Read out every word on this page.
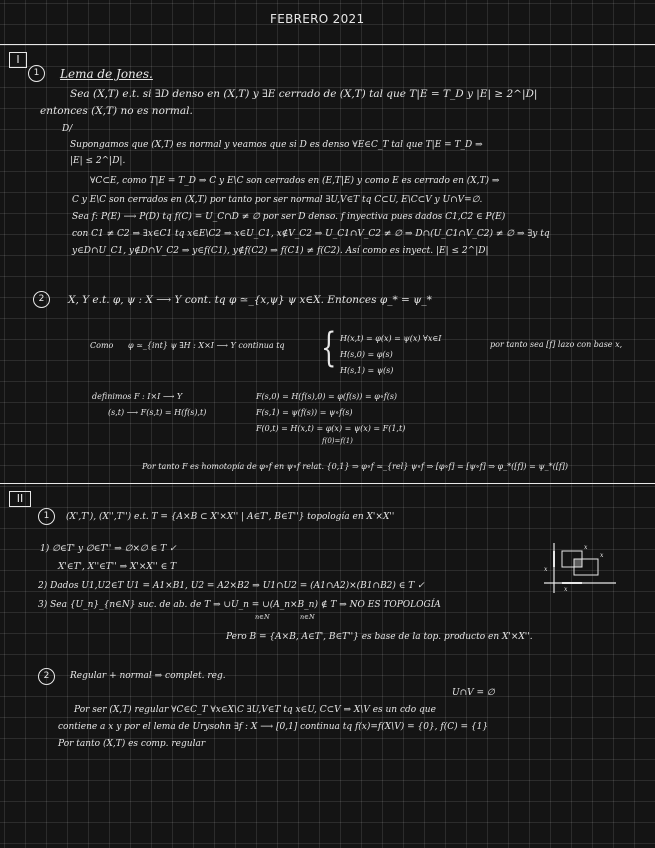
FEBRERO 2021
I
1	Lema de Jones.
Sea (X,T) e.t. si ∃D denso en (X,T) y ∃E cerrado de (X,T) tal que T|E = T_D y |E| ≥ 2^|D|
entonces (X,T) no es normal.
D/
Supongamos que (X,T) es normal y veamos que si D es denso ∀E∈C_T tal que T|E = T_D ⇒
|E| ≤ 2^|D|.
∀C⊂E, como T|E = T_D ⇒ C y E\C son cerrados en (E,T|E) y como E es cerrado en (X,T) ⇒
C y E\C son cerrados en (X,T) por tanto por ser normal ∃U,V∈T tq C⊂U, E\C⊂V y U∩V=∅.
Sea f: P(E) ⟶ P(D) tq f(C) = U_C∩D ≠ ∅ por ser D denso. f inyectiva pues dados C1,C2 ∈ P(E)
con C1 ≠ C2 ⇒ ∃x∈C1 tq x∈E\C2 ⇒ x∈U_C1, x∉V_C2 ⇒ U_C1∩V_C2 ≠ ∅ ⇒ D∩(U_C1∩V_C2) ≠ ∅ ⇒ ∃y tq
y∈D∩U_C1, y∉D∩V_C2 ⇒ y∈f(C1), y∉f(C2) ⇒ f(C1) ≠ f(C2). Así como es inyect. |E| ≤ 2^|D|
2	X, Y e.t. φ, ψ : X ⟶ Y cont. tq φ ≃_{x,ψ} ψ x∈X. Entonces φ_* = ψ_*
Como φ ≃_{int} ψ ∃H : X×I ⟶ Y continua tq { H(x,t) = φ(x) = ψ(x) ∀x∈I
H(s,0) = φ(s)
H(s,1) = ψ(s)
por tanto sea [f] lazo con base x,
definimos F : I×I ⟶ Y
(s,t) ⟶ F(s,t) = H(f(s),t)
F(s,0) = H(f(s),0) = φ(f(s)) = φ∘f(s)
F(s,1) = ψ(f(s)) = ψ∘f(s)
F(0,t) = H(x,t) = φ(x) = ψ(x) = F(1,t)
f(0)=f(1)
Por tanto F es homotopía de φ∘f en ψ∘f relat. {0,1} ⇒ φ∘f ≃_{rel} ψ∘f ⇒ [φ∘f] = [ψ∘f] ⇒ φ_*([f]) = ψ_*([f])
II
1	(X',T'), (X'',T'') e.t. T = {A×B ⊂ X'×X'' | A∈T', B∈T''} topología en X'×X''
1) ∅∈T' y ∅∈T'' ⇒ ∅×∅ ∈ T ✓
X'∈T', X''∈T'' ⇒ X'×X'' ∈ T
2) Dados U1,U2∈T U1 = A1×B1, U2 = A2×B2 ⇒ U1∩U2 = (A1∩A2)×(B1∩B2) ∈ T ✓
3) Sea {U_n}_{n∈N} suc. de ab. de T ⇒ ∪U_n = ∪(A_n×B_n) ∉ T ⇒ NO ES TOPOLOGÍA
n∈N	n∈N
x
x
x
x
Pero B = {A×B, A∈T', B∈T''} es base de la top. producto en X'×X''.
2	Regular + normal ⇒ complet. reg.
U∩V = ∅
Por ser (X,T) regular ∀C∈C_T ∀x∈X\C ∃U,V∈T tq x∈U, C⊂V ⇒ X\V es un cdo que
contiene a x y por el lema de Urysohn ∃f : X ⟶ [0,1] continua tq f(x)=f(X\V) = {0}, f(C) = {1}
Por tanto (X,T) es comp. regular
